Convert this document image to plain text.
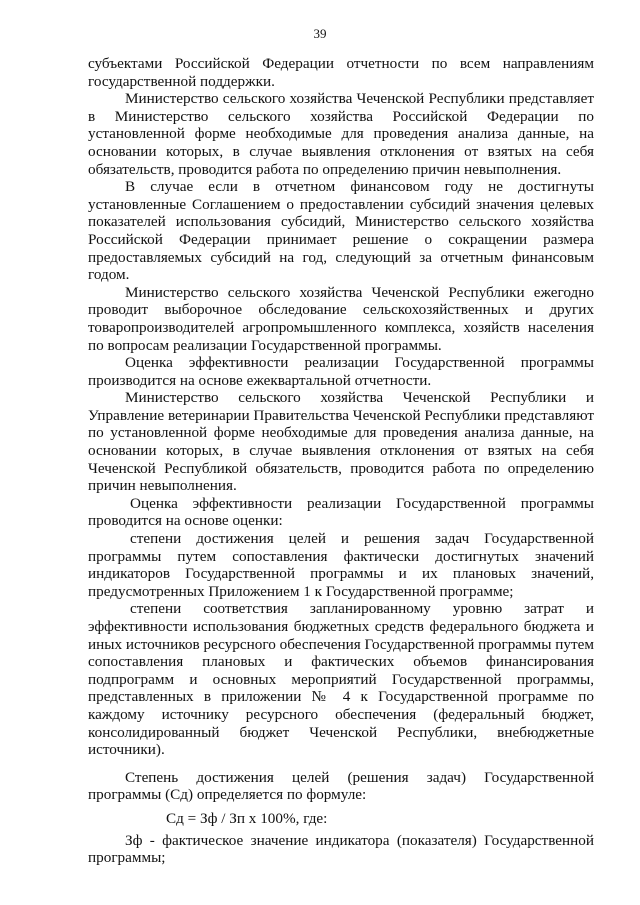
39

субъектами Российской Федерации отчетности по всем направлениям государственной поддержки.

Министерство сельского хозяйства Чеченской Республики представляет в Министерство сельского хозяйства Российской Федерации по установленной форме необходимые для проведения анализа данные, на основании которых, в случае выявления отклонения от взятых на себя обязательств, проводится работа по определению причин невыполнения.

В случае если в отчетном финансовом году не достигнуты установленные Соглашением о предоставлении субсидий значения целевых показателей использования субсидий, Министерство сельского хозяйства Российской Федерации принимает решение о сокращении размера предоставляемых субсидий на год, следующий за отчетным финансовым годом.

Министерство сельского хозяйства Чеченской Республики ежегодно проводит выборочное обследование сельскохозяйственных и других товаропроизводителей агропромышленного комплекса, хозяйств населения по вопросам реализации Государственной программы.

Оценка эффективности реализации Государственной программы производится на основе ежеквартальной отчетности.

Министерство сельского хозяйства Чеченской Республики и Управление ветеринарии Правительства Чеченской Республики представляют по установленной форме необходимые для проведения анализа данные, на основании которых, в случае выявления отклонения от взятых на себя Чеченской Республикой обязательств, проводится работа по определению причин невыполнения.

Оценка эффективности реализации Государственной программы проводится на основе оценки:

степени достижения целей и решения задач Государственной программы путем сопоставления фактически достигнутых значений индикаторов Государственной программы и их плановых значений, предусмотренных Приложением 1 к Государственной программе;

степени соответствия запланированному уровню затрат и эффективности использования бюджетных средств федерального бюджета и иных источников ресурсного обеспечения Государственной программы путем сопоставления плановых и фактических объемов финансирования подпрограмм и основных мероприятий Государственной программы, представленных в приложении № 4 к Государственной программе по каждому источнику ресурсного обеспечения (федеральный бюджет, консолидированный бюджет Чеченской Республики, внебюджетные источники).

Степень достижения целей (решения задач) Государственной программы (Сд) определяется по формуле:

Сд = Зф / Зп х 100%, где:

Зф - фактическое значение индикатора (показателя) Государственной программы;
